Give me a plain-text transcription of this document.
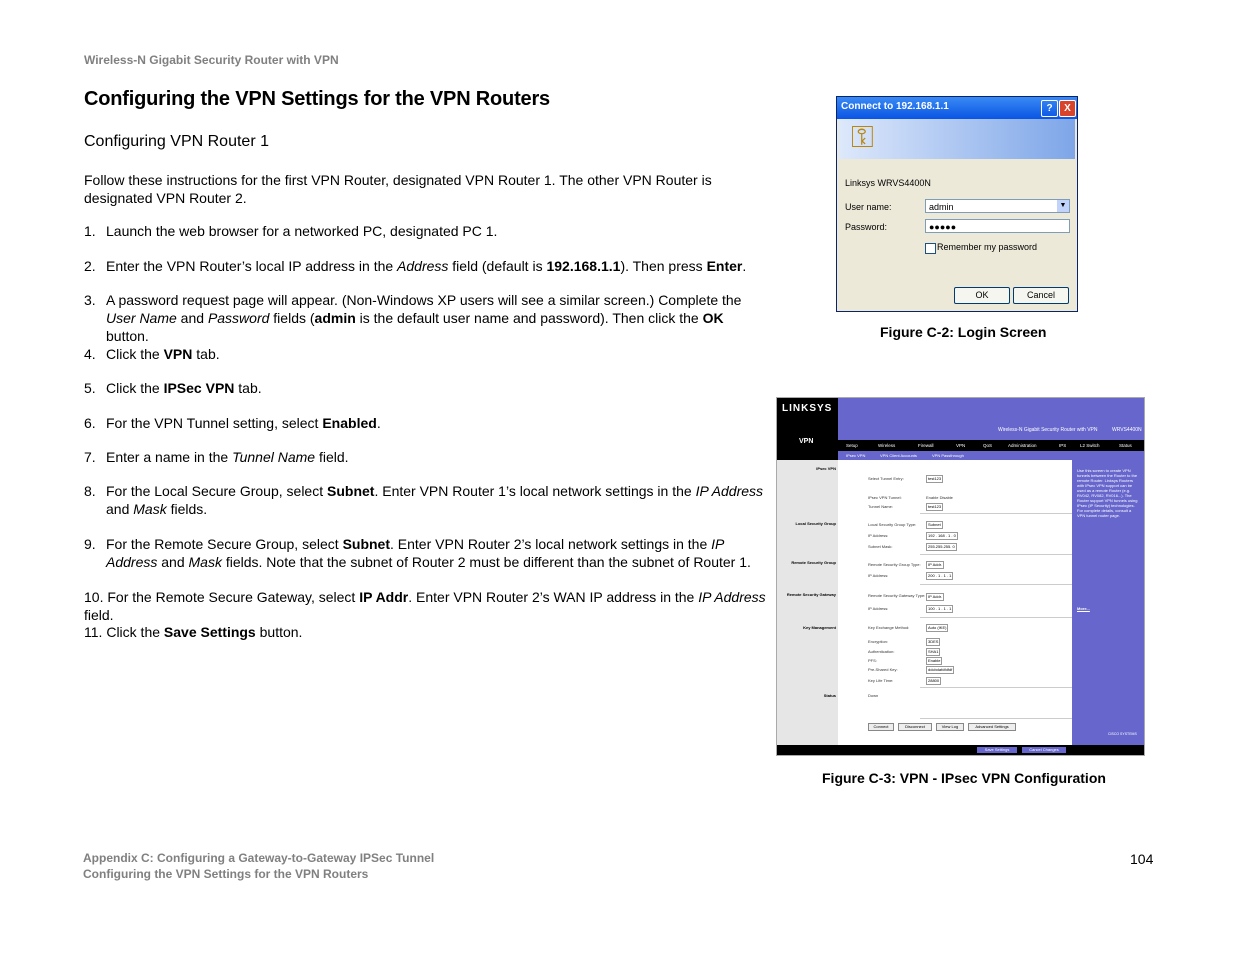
Wireless-N Gigabit Security Router with VPN
Configuring the VPN Settings for the VPN Routers
Configuring VPN Router 1
Follow these instructions for the first VPN Router, designated VPN Router 1. The other VPN Router is designated VPN Router 2.
1. Launch the web browser for a networked PC, designated PC 1.
2. Enter the VPN Router’s local IP address in the Address field (default is 192.168.1.1). Then press Enter.
3. A password request page will appear. (Non-Windows XP users will see a similar screen.) Complete the User Name and Password fields (admin is the default user name and password). Then click the OK button.
4. Click the VPN tab.
5. Click the IPSec VPN tab.
6. For the VPN Tunnel setting, select Enabled.
7. Enter a name in the Tunnel Name field.
8. For the Local Secure Group, select Subnet. Enter VPN Router 1’s local network settings in the IP Address and Mask fields.
9. For the Remote Secure Group, select Subnet. Enter VPN Router 2’s local network settings in the IP Address and Mask fields. Note that the subnet of Router 2 must be different than the subnet of Router 1.
10. For the Remote Secure Gateway, select IP Addr. Enter VPN Router 2’s WAN IP address in the IP Address field.
11. Click the Save Settings button.
Connect to 192.168.1.1	?	X
⚿
Linksys WRVS4400N
User name:	admin	▼
Password:	●●●●●
Remember my password
OK	Cancel
Figure C-2: Login Screen
LINKSYS
VPN
Wireless-N Gigabit Security Router with VPN	WRVS4400N
Setup	Wireless	Firewall	VPN	QoS	Administration	IPS	L2 Switch	Status
IPsec VPN	VPN Client Accounts	VPN Passthrough
IPsec VPN
Local Security Group
Remote Security Group
Remote Security Gateway
Key Management
Status
Select Tunnel Entry:	test123
IPsec VPN Tunnel:	Enable Disable
Tunnel Name:	test123
Local Security Group Type:	Subnet
IP Address:	192 . 168 . 1 . 0
Subnet Mask:	255.255.255. 0
Remote Security Group Type:	IP Addr.
IP Address:	200 . 1 . 1 . 1
Remote Security Gateway Type: IP Addr.
IP Address:	100 . 1 . 1 . 1
Key Exchange Method:	Auto (IKE)
Encryption:	3DES
Authentication:	SHA1
PFS:	Enable
Pre-Shared Key:	ddcbdafdfdfdf
Key Life Time:	28800
Down
Connect	Disconnect	View Log	Advanced Settings
Use this screen to create VPN tunnels between the Router to the remote Router. Linksys Routers with IPsec VPN support can be used as a remote Router (e.g. RV042, RV082, RV016...). The Router support VPN tunnels using IPsec (IP Security) technologies. For complete details, consult a VPN tunnel router page.
More...
CISCO SYSTEMS
Save Settings	Cancel Changes
Figure C-3: VPN - IPsec VPN Configuration
Appendix C: Configuring a Gateway-to-Gateway IPSec Tunnel
Configuring the VPN Settings for the VPN Routers
104
